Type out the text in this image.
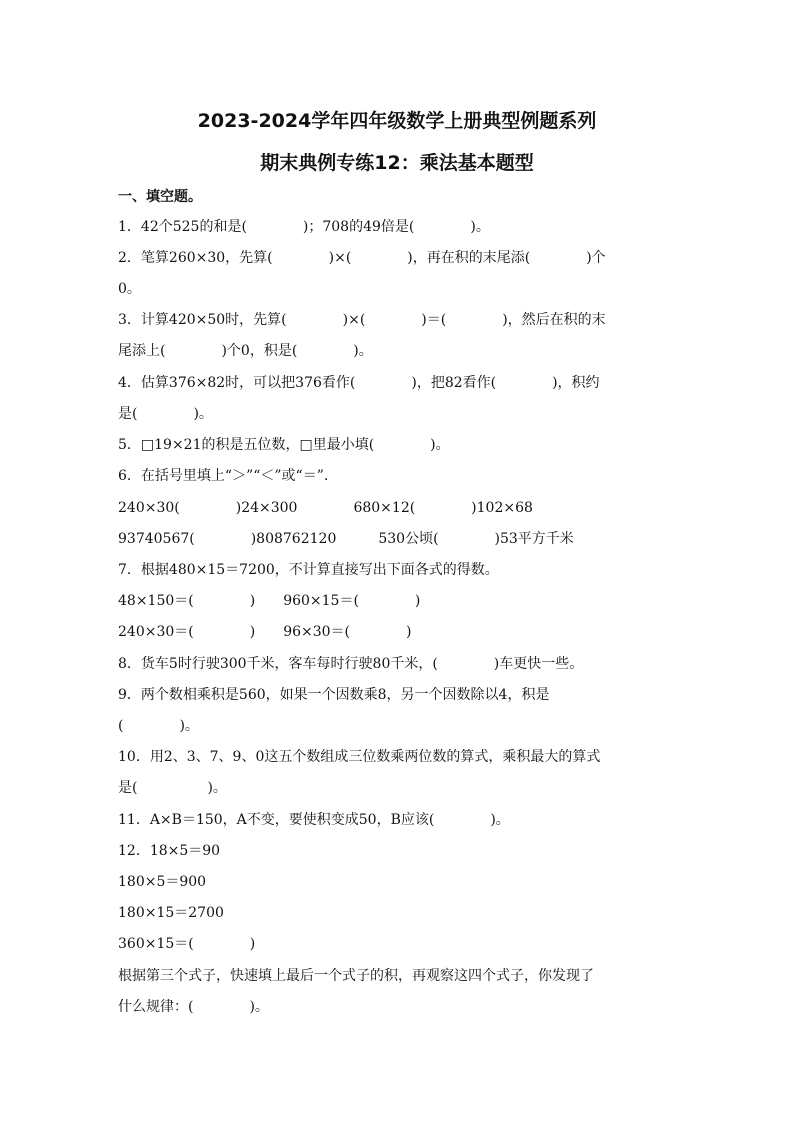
2023-2024学年四年级数学上册典型例题系列
期末典例专练12：乘法基本题型
一、填空题。
1．42个525的和是(　　　　)；708的49倍是(　　　　)。
2．笔算260×30，先算(　　　　)×(　　　　)，再在积的末尾添(　　　　)个
0。
3．计算420×50时，先算(　　　　)×(　　　　)＝(　　　　)，然后在积的末
尾添上(　　　　)个0，积是(　　　　)。
4．估算376×82时，可以把376看作(　　　　)，把82看作(　　　　)，积约
是(　　　　)。
5．□19×21的积是五位数，□里最小填(　　　　)。
6．在括号里填上“＞”“＜”或“＝”.
240×30(　　　　)24×300　　　　680×12(　　　　)102×68
93740567(　　　　)808762120　　　530公顷(　　　　)53平方千米
7．根据480×15＝7200，不计算直接写出下面各式的得数。
48×150＝(　　　　)　　960×15＝(　　　　)
240×30＝(　　　　)　　96×30＝(　　　　)
8．货车5时行驶300千米，客车每时行驶80千米，(　　　　)车更快一些。
9．两个数相乘积是560，如果一个因数乘8，另一个因数除以4，积是
(　　　　)。
10．用2、3、7、9、0这五个数组成三位数乘两位数的算式，乘积最大的算式
是(　　　　　)。
11．A×B＝150，A不变，要使积变成50，B应该(　　　　)。
12．18×5＝90
180×5＝900
180×15＝2700
360×15＝(　　　　)
根据第三个式子，快速填上最后一个式子的积，再观察这四个式子，你发现了
什么规律：(　　　　)。
